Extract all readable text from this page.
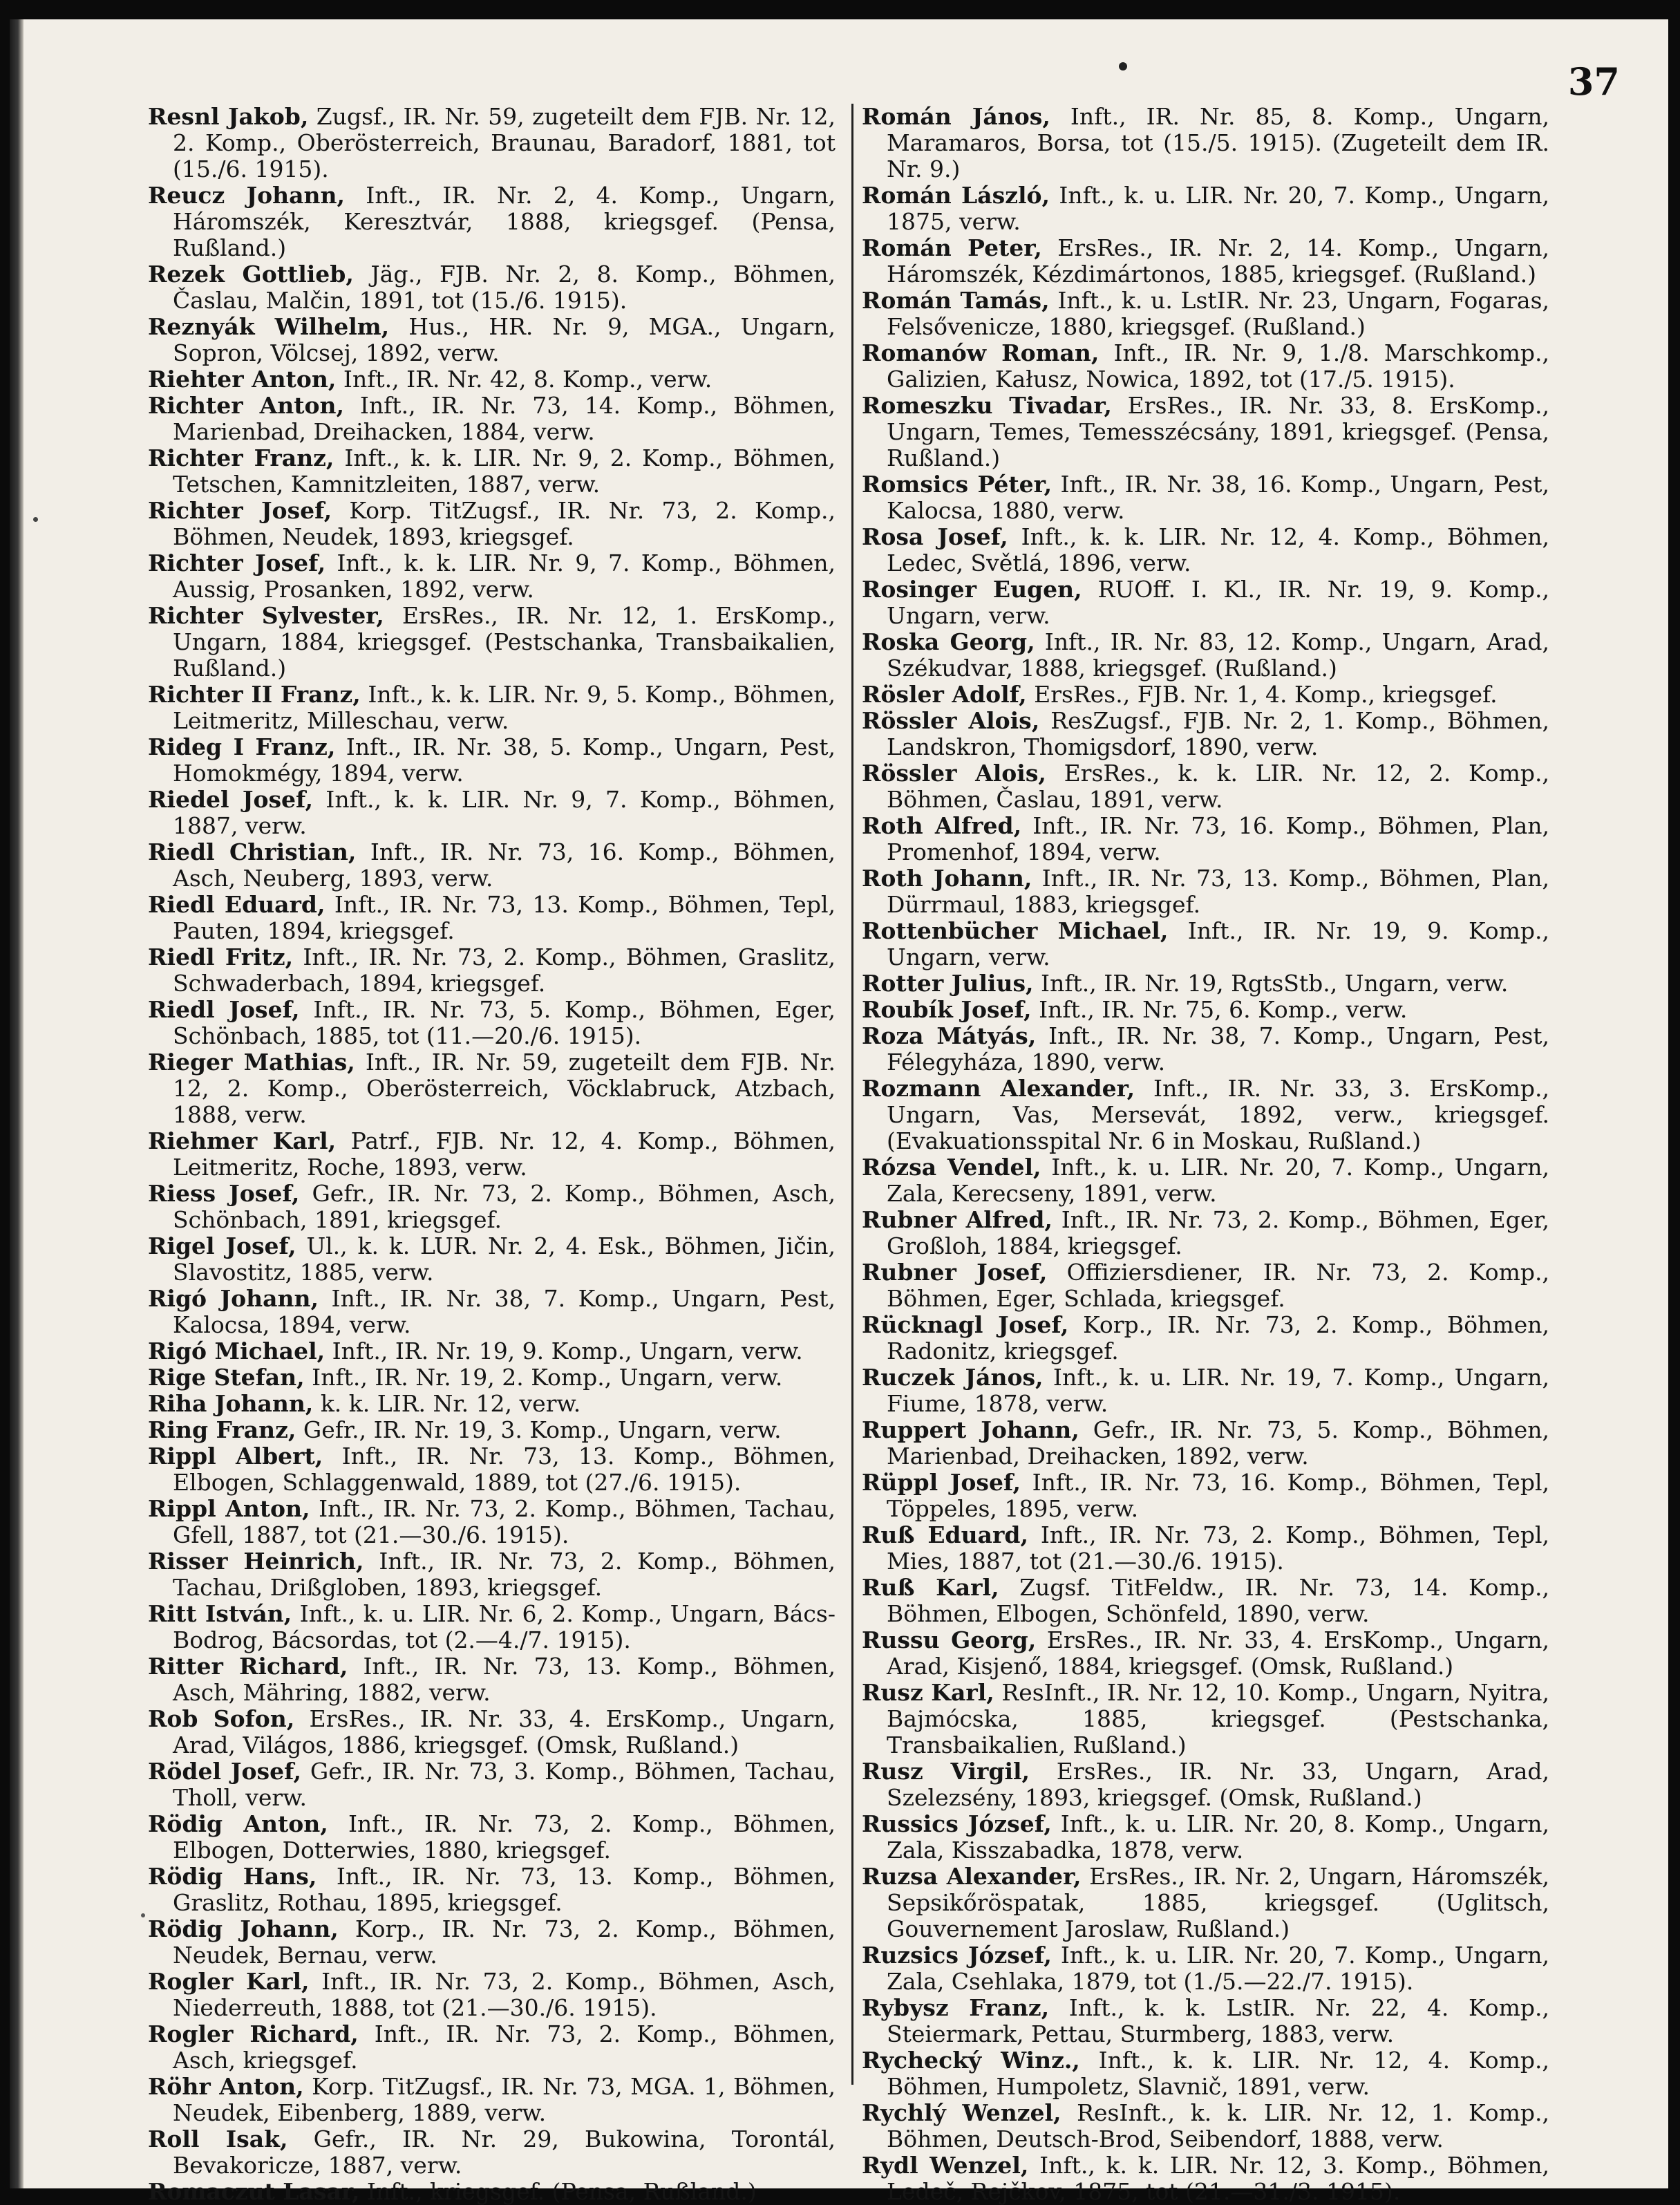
37

Resnl Jakob, Zugsf., IR. Nr. 59, zugeteilt dem FJB. Nr. 12, 2. Komp., Oberösterreich, Braunau, Baradorf, 1881, tot (15./6. 1915).

Reucz Johann, Inft., IR. Nr. 2, 4. Komp., Ungarn, Háromszék, Keresztvár, 1888, kriegsgef. (Pensa, Rußland.)

Rezek Gottlieb, Jäg., FJB. Nr. 2, 8. Komp., Böhmen, Časlau, Malčin, 1891, tot (15./6. 1915).

Reznyák Wilhelm, Hus., HR. Nr. 9, MGA., Ungarn, Sopron, Völcsej, 1892, verw.

Riehter Anton, Inft., IR. Nr. 42, 8. Komp., verw.

Richter Anton, Inft., IR. Nr. 73, 14. Komp., Böhmen, Marienbad, Dreihacken, 1884, verw.

Richter Franz, Inft., k. k. LIR. Nr. 9, 2. Komp., Böhmen, Tetschen, Kamnitzleiten, 1887, verw.

Richter Josef, Korp. TitZugsf., IR. Nr. 73, 2. Komp., Böhmen, Neudek, 1893, kriegsgef.

Richter Josef, Inft., k. k. LIR. Nr. 9, 7. Komp., Böhmen, Aussig, Prosanken, 1892, verw.

Richter Sylvester, ErsRes., IR. Nr. 12, 1. ErsKomp., Ungarn, 1884, kriegsgef. (Pestschanka, Transbaikalien, Rußland.)

Richter II Franz, Inft., k. k. LIR. Nr. 9, 5. Komp., Böhmen, Leitmeritz, Milleschau, verw.

Rideg I Franz, Inft., IR. Nr. 38, 5. Komp., Ungarn, Pest, Homokmégy, 1894, verw.

Riedel Josef, Inft., k. k. LIR. Nr. 9, 7. Komp., Böhmen, 1887, verw.

Riedl Christian, Inft., IR. Nr. 73, 16. Komp., Böhmen, Asch, Neuberg, 1893, verw.

Riedl Eduard, Inft., IR. Nr. 73, 13. Komp., Böhmen, Tepl, Pauten, 1894, kriegsgef.

Riedl Fritz, Inft., IR. Nr. 73, 2. Komp., Böhmen, Graslitz, Schwaderbach, 1894, kriegsgef.

Riedl Josef, Inft., IR. Nr. 73, 5. Komp., Böhmen, Eger, Schönbach, 1885, tot (11.—20./6. 1915).

Rieger Mathias, Inft., IR. Nr. 59, zugeteilt dem FJB. Nr. 12, 2. Komp., Oberösterreich, Vöcklabruck, Atzbach, 1888, verw.

Riehmer Karl, Patrf., FJB. Nr. 12, 4. Komp., Böhmen, Leitmeritz, Roche, 1893, verw.

Riess Josef, Gefr., IR. Nr. 73, 2. Komp., Böhmen, Asch, Schönbach, 1891, kriegsgef.

Rigel Josef, Ul., k. k. LUR. Nr. 2, 4. Esk., Böhmen, Jičin, Slavostitz, 1885, verw.

Rigó Johann, Inft., IR. Nr. 38, 7. Komp., Ungarn, Pest, Kalocsa, 1894, verw.

Rigó Michael, Inft., IR. Nr. 19, 9. Komp., Ungarn, verw.

Rige Stefan, Inft., IR. Nr. 19, 2. Komp., Ungarn, verw.

Riha Johann, k. k. LIR. Nr. 12, verw.

Ring Franz, Gefr., IR. Nr. 19, 3. Komp., Ungarn, verw.

Rippl Albert, Inft., IR. Nr. 73, 13. Komp., Böhmen, Elbogen, Schlaggenwald, 1889, tot (27./6. 1915).

Rippl Anton, Inft., IR. Nr. 73, 2. Komp., Böhmen, Tachau, Gfell, 1887, tot (21.—30./6. 1915).

Risser Heinrich, Inft., IR. Nr. 73, 2. Komp., Böhmen, Tachau, Drißgloben, 1893, kriegsgef.

Ritt István, Inft., k. u. LIR. Nr. 6, 2. Komp., Ungarn, Bács-Bodrog, Bácsordas, tot (2.—4./7. 1915).

Ritter Richard, Inft., IR. Nr. 73, 13. Komp., Böhmen, Asch, Mähring, 1882, verw.

Rob Sofon, ErsRes., IR. Nr. 33, 4. ErsKomp., Ungarn, Arad, Világos, 1886, kriegsgef. (Omsk, Rußland.)

Rödel Josef, Gefr., IR. Nr. 73, 3. Komp., Böhmen, Tachau, Tholl, verw.

Rödig Anton, Inft., IR. Nr. 73, 2. Komp., Böhmen, Elbogen, Dotterwies, 1880, kriegsgef.

Rödig Hans, Inft., IR. Nr. 73, 13. Komp., Böhmen, Graslitz, Rothau, 1895, kriegsgef.

Rödig Johann, Korp., IR. Nr. 73, 2. Komp., Böhmen, Neudek, Bernau, verw.

Rogler Karl, Inft., IR. Nr. 73, 2. Komp., Böhmen, Asch, Niederreuth, 1888, tot (21.—30./6. 1915).

Rogler Richard, Inft., IR. Nr. 73, 2. Komp., Böhmen, Asch, kriegsgef.

Röhr Anton, Korp. TitZugsf., IR. Nr. 73, MGA. 1, Böhmen, Neudek, Eibenberg, 1889, verw.

Roll Isak, Gefr., IR. Nr. 29, Bukowina, Torontál, Bevakoricze, 1887, verw.

Romaczut Lasar, Inft., kriegsgef. (Pensa, Rußland.)

Román János, Inft., IR. Nr. 85, 8. Komp., Ungarn, Maramaros, Borsa, tot (15./5. 1915). (Zugeteilt dem IR. Nr. 9.)

Román László, Inft., k. u. LIR. Nr. 20, 7. Komp., Ungarn, 1875, verw.

Román Peter, ErsRes., IR. Nr. 2, 14. Komp., Ungarn, Háromszék, Kézdimártonos, 1885, kriegsgef. (Rußland.)

Román Tamás, Inft., k. u. LstIR. Nr. 23, Ungarn, Fogaras, Felsővenicze, 1880, kriegsgef. (Rußland.)

Romanów Roman, Inft., IR. Nr. 9, 1./8. Marschkomp., Galizien, Kałusz, Nowica, 1892, tot (17./5. 1915).

Romeszku Tivadar, ErsRes., IR. Nr. 33, 8. ErsKomp., Ungarn, Temes, Temesszécsány, 1891, kriegsgef. (Pensa, Rußland.)

Romsics Péter, Inft., IR. Nr. 38, 16. Komp., Ungarn, Pest, Kalocsa, 1880, verw.

Rosa Josef, Inft., k. k. LIR. Nr. 12, 4. Komp., Böhmen, Ledec, Světlá, 1896, verw.

Rosinger Eugen, RUOff. I. Kl., IR. Nr. 19, 9. Komp., Ungarn, verw.

Roska Georg, Inft., IR. Nr. 83, 12. Komp., Ungarn, Arad, Székudvar, 1888, kriegsgef. (Rußland.)

Rösler Adolf, ErsRes., FJB. Nr. 1, 4. Komp., kriegsgef.

Rössler Alois, ResZugsf., FJB. Nr. 2, 1. Komp., Böhmen, Landskron, Thomigsdorf, 1890, verw.

Rössler Alois, ErsRes., k. k. LIR. Nr. 12, 2. Komp., Böhmen, Časlau, 1891, verw.

Roth Alfred, Inft., IR. Nr. 73, 16. Komp., Böhmen, Plan, Promenhof, 1894, verw.

Roth Johann, Inft., IR. Nr. 73, 13. Komp., Böhmen, Plan, Dürrmaul, 1883, kriegsgef.

Rottenbücher Michael, Inft., IR. Nr. 19, 9. Komp., Ungarn, verw.

Rotter Julius, Inft., IR. Nr. 19, RgtsStb., Ungarn, verw.

Roubík Josef, Inft., IR. Nr. 75, 6. Komp., verw.

Roza Mátyás, Inft., IR. Nr. 38, 7. Komp., Ungarn, Pest, Félegyháza, 1890, verw.

Rozmann Alexander, Inft., IR. Nr. 33, 3. ErsKomp., Ungarn, Vas, Mersevát, 1892, verw., kriegsgef. (Evakuationsspital Nr. 6 in Moskau, Rußland.)

Rózsa Vendel, Inft., k. u. LIR. Nr. 20, 7. Komp., Ungarn, Zala, Kerecseny, 1891, verw.

Rubner Alfred, Inft., IR. Nr. 73, 2. Komp., Böhmen, Eger, Großloh, 1884, kriegsgef.

Rubner Josef, Offiziersdiener, IR. Nr. 73, 2. Komp., Böhmen, Eger, Schlada, kriegsgef.

Rücknagl Josef, Korp., IR. Nr. 73, 2. Komp., Böhmen, Radonitz, kriegsgef.

Ruczek János, Inft., k. u. LIR. Nr. 19, 7. Komp., Ungarn, Fiume, 1878, verw.

Ruppert Johann, Gefr., IR. Nr. 73, 5. Komp., Böhmen, Marienbad, Dreihacken, 1892, verw.

Rüppl Josef, Inft., IR. Nr. 73, 16. Komp., Böhmen, Tepl, Töppeles, 1895, verw.

Ruß Eduard, Inft., IR. Nr. 73, 2. Komp., Böhmen, Tepl, Mies, 1887, tot (21.—30./6. 1915).

Ruß Karl, Zugsf. TitFeldw., IR. Nr. 73, 14. Komp., Böhmen, Elbogen, Schönfeld, 1890, verw.

Russu Georg, ErsRes., IR. Nr. 33, 4. ErsKomp., Ungarn, Arad, Kisjenő, 1884, kriegsgef. (Omsk, Rußland.)

Rusz Karl, ResInft., IR. Nr. 12, 10. Komp., Ungarn, Nyitra, Bajmócska, 1885, kriegsgef. (Pestschanka, Transbaikalien, Rußland.)

Rusz Virgil, ErsRes., IR. Nr. 33, Ungarn, Arad, Szelezsény, 1893, kriegsgef. (Omsk, Rußland.)

Russics József, Inft., k. u. LIR. Nr. 20, 8. Komp., Ungarn, Zala, Kisszabadka, 1878, verw.

Ruzsa Alexander, ErsRes., IR. Nr. 2, Ungarn, Háromszék, Sepsikőröspatak, 1885, kriegsgef. (Uglitsch, Gouvernement Jaroslaw, Rußland.)

Ruzsics József, Inft., k. u. LIR. Nr. 20, 7. Komp., Ungarn, Zala, Csehlaka, 1879, tot (1./5.—22./7. 1915).

Rybysz Franz, Inft., k. k. LstIR. Nr. 22, 4. Komp., Steiermark, Pettau, Sturmberg, 1883, verw.

Rychecký Winz., Inft., k. k. LIR. Nr. 12, 4. Komp., Böhmen, Humpoletz, Slavnič, 1891, verw.

Rychlý Wenzel, ResInft., k. k. LIR. Nr. 12, 1. Komp., Böhmen, Deutsch-Brod, Seibendorf, 1888, verw.

Rydl Wenzel, Inft., k. k. LIR. Nr. 12, 3. Komp., Böhmen, Ledeč, Rejčkov, 1875, tot (21.—31./3. 1915).
